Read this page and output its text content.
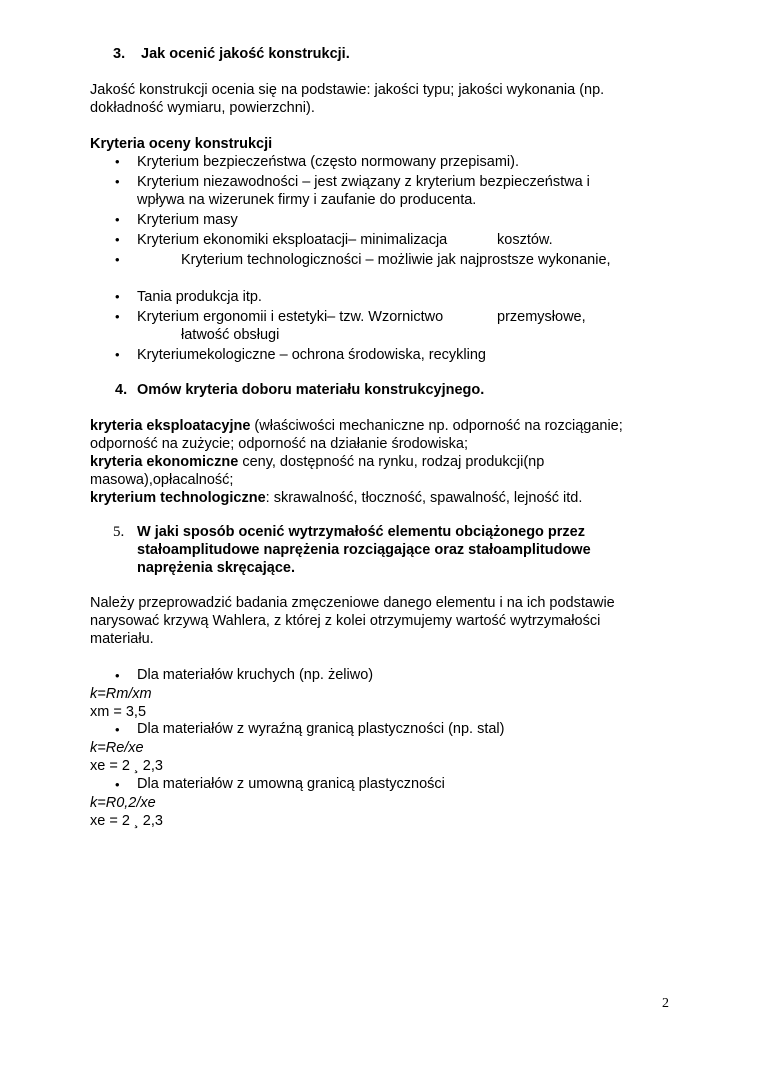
3. Jak ocenić jakość konstrukcji.
Jakość konstrukcji ocenia się na podstawie: jakości typu; jakości wykonania (np.
dokładność wymiaru, powierzchni).
Kryteria oceny konstrukcji
• Kryterium bezpieczeństwa (często normowany przepisami).
• Kryterium niezawodności – jest związany z kryterium bezpieczeństwa i
wpływa na wizerunek firmy i zaufanie do producenta.
• Kryterium masy
• Kryterium ekonomiki eksploatacji– minimalizacja	kosztów.
•	Kryterium technologiczności – możliwie jak najprostsze wykonanie,
• Tania produkcja itp.
• Kryterium ergonomii i estetyki– tzw. Wzornictwo	przemysłowe,
łatwość obsługi
• Kryteriumekologiczne – ochrona środowiska, recykling
4. Omów kryteria doboru materiału konstrukcyjnego.
kryteria eksploatacyjne (właściwości mechaniczne np. odporność na rozciąganie;
odporność na zużycie; odporność na działanie środowiska;
kryteria ekonomiczne ceny, dostępność na rynku, rodzaj produkcji(np
masowa),opłacalność;
kryterium technologiczne: skrawalność, tłoczność, spawalność, lejność itd.
5. W jaki sposób ocenić wytrzymałość elementu obciążonego przez
stałoamplitudowe naprężenia rozciągające oraz stałoamplitudowe
naprężenia skręcające.
Należy przeprowadzić badania zmęczeniowe danego elementu i na ich podstawie
narysować krzywą Wahlera, z której z kolei otrzymujemy wartość wytrzymałości
materiału.
• Dla materiałów kruchych (np. żeliwo)
k=Rm/xm
xm = 3,5
• Dla materiałów z wyraźną granicą plastyczności (np. stal)
k=Re/xe
xe = 2 ¸ 2,3
• Dla materiałów z umowną granicą plastyczności
k=R0,2/xe
xe = 2 ¸ 2,3
2
